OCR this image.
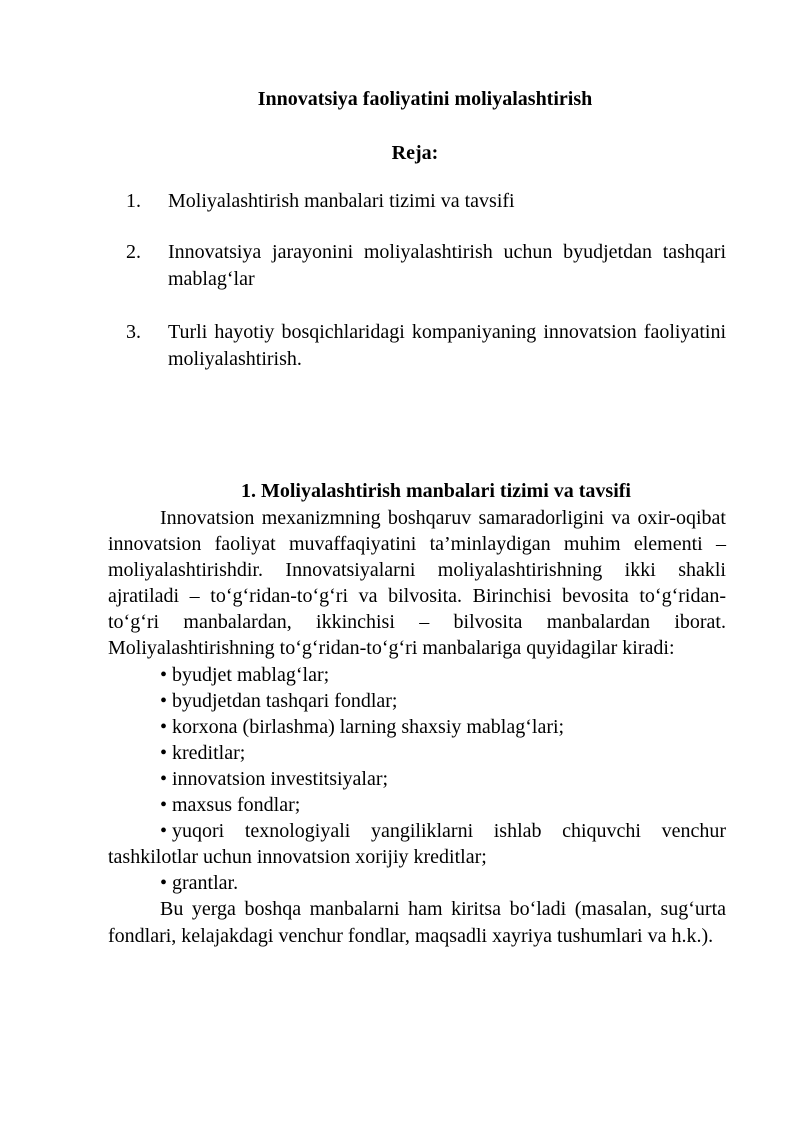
Innovatsiya faoliyatini moliyalashtirish
Reja:
1. Moliyalashtirish manbalari tizimi va tavsifi
2. Innovatsiya jarayonini moliyalashtirish uchun byudjetdan tashqari mablag‘lar
3. Turli hayotiy bosqichlaridagi kompaniyaning innovatsion faoliyatini moliyalashtirish.
1. Moliyalashtirish manbalari tizimi va tavsifi

Innovatsion mexanizmning boshqaruv samaradorligini va oxir-oqibat innovatsion faoliyat muvaffaqiyatini ta’minlaydigan muhim elementi – moliyalashtirishdir. Innovatsiyalarni moliyalashtirishning ikki shakli ajratiladi – to‘g‘ridan-to‘g‘ri va bilvosita. Birinchisi bevosita to‘g‘ridan-to‘g‘ri manbalardan, ikkinchisi – bilvosita manbalardan iborat. Moliyalashtirishning to‘g‘ridan-to‘g‘ri manbalariga quyidagilar kiradi:

• byudjet mablag‘lar;
• byudjetdan tashqari fondlar;
• korxona (birlashma) larning shaxsiy mablag‘lari;
• kreditlar;
• innovatsion investitsiyalar;
• maxsus fondlar;
• yuqori texnologiyali yangiliklarni ishlab chiquvchi venchur tashkilotlar uchun innovatsion xorijiy kreditlar;
• grantlar.

Bu yerga boshqa manbalarni ham kiritsa bo‘ladi (masalan, sug‘urta fondlari, kelajakdagi venchur fondlar, maqsadli xayriya tushumlari va h.k.).
